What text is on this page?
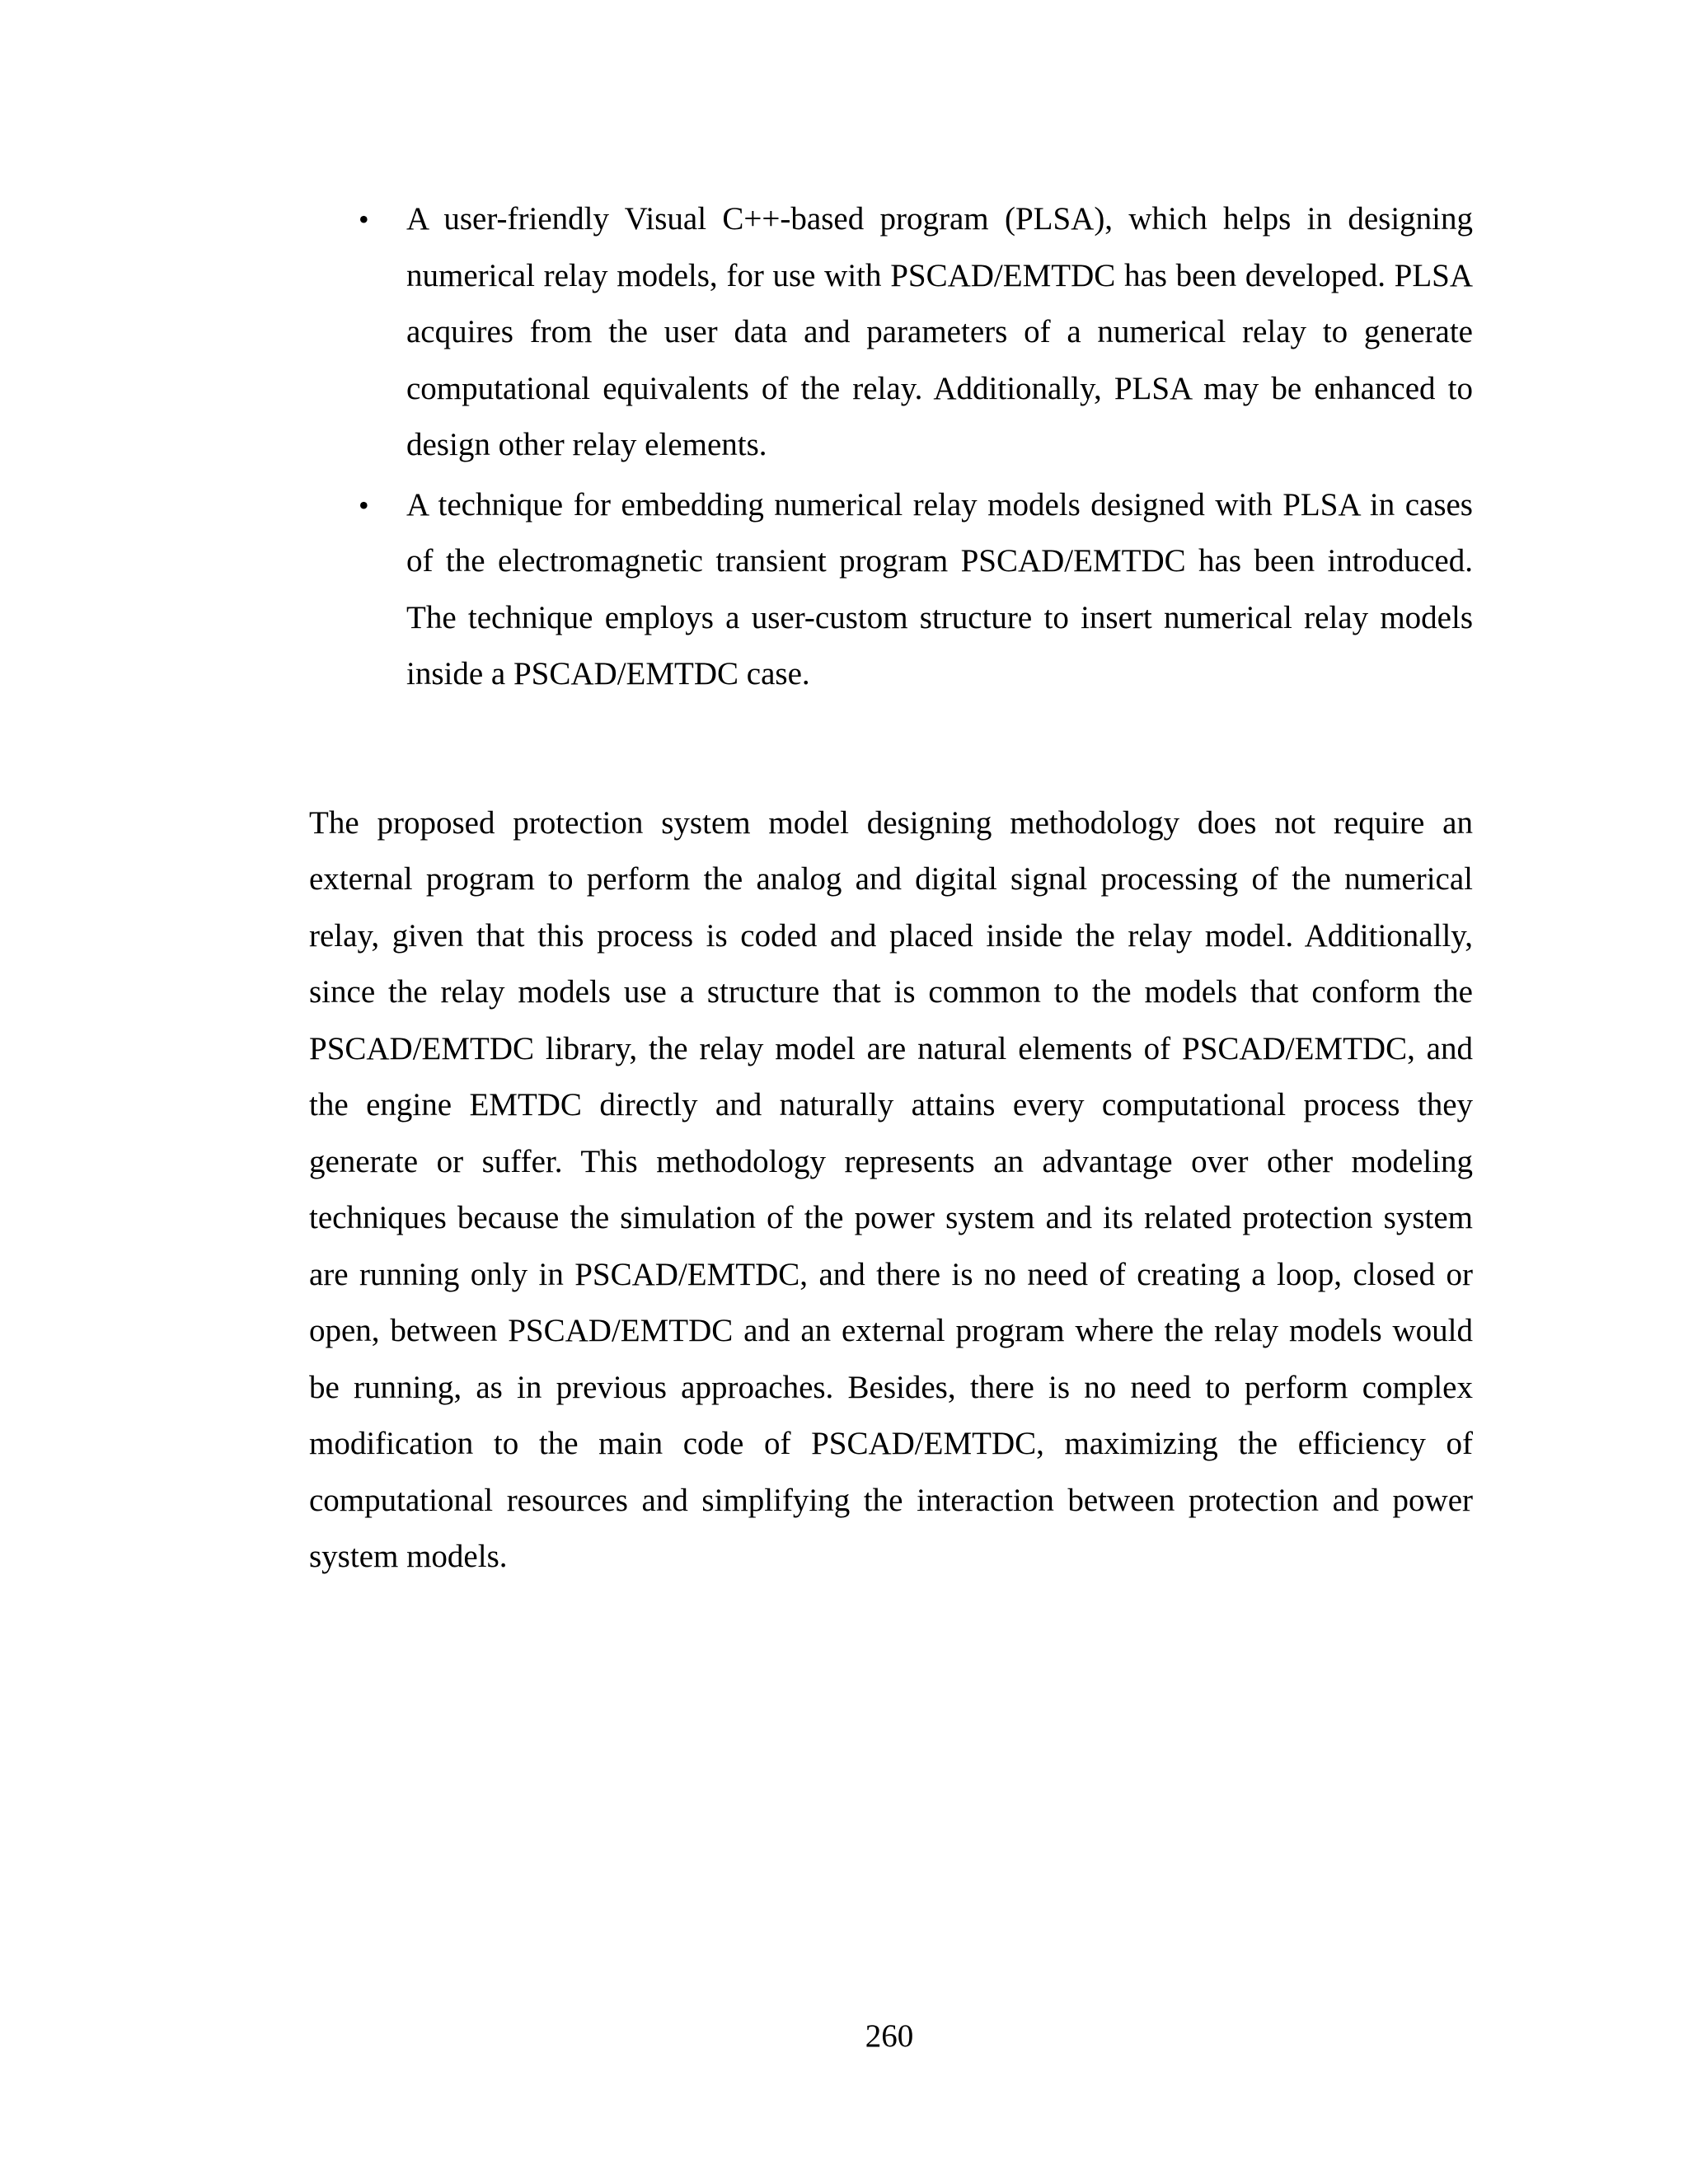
• A user-friendly Visual C++-based program (PLSA), which helps in designing numerical relay models, for use with PSCAD/EMTDC has been developed. PLSA acquires from the user data and parameters of a numerical relay to generate computational equivalents of the relay. Additionally, PLSA may be enhanced to design other relay elements.
• A technique for embedding numerical relay models designed with PLSA in cases of the electromagnetic transient program PSCAD/EMTDC has been introduced. The technique employs a user-custom structure to insert numerical relay models inside a PSCAD/EMTDC case.

The proposed protection system model designing methodology does not require an external program to perform the analog and digital signal processing of the numerical relay, given that this process is coded and placed inside the relay model. Additionally, since the relay models use a structure that is common to the models that conform the PSCAD/EMTDC library, the relay model are natural elements of PSCAD/EMTDC, and the engine EMTDC directly and naturally attains every computational process they generate or suffer. This methodology represents an advantage over other modeling techniques because the simulation of the power system and its related protection system are running only in PSCAD/EMTDC, and there is no need of creating a loop, closed or open, between PSCAD/EMTDC and an external program where the relay models would be running, as in previous approaches. Besides, there is no need to perform complex modification to the main code of PSCAD/EMTDC, maximizing the efficiency of computational resources and simplifying the interaction between protection and power system models.

260
